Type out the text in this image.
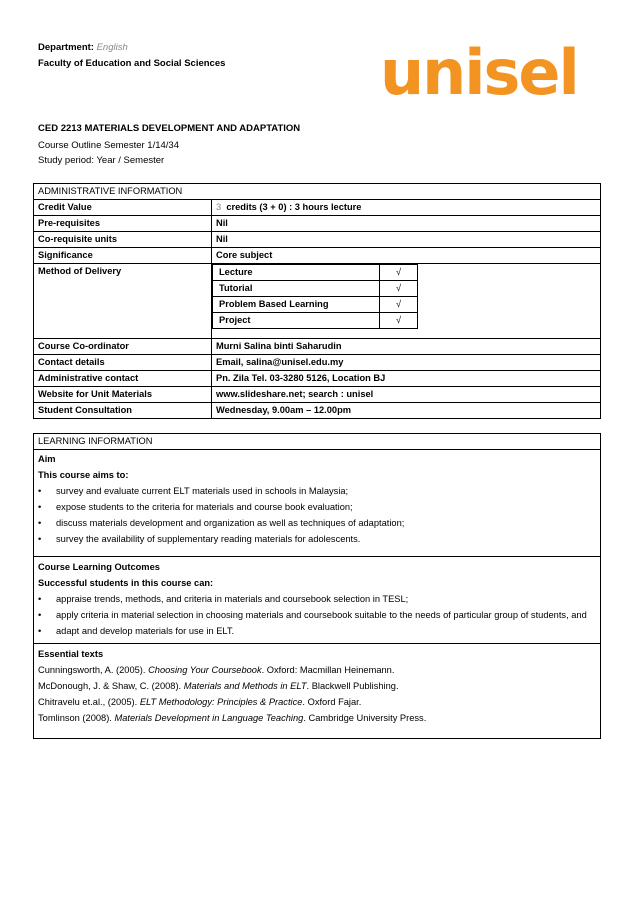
Department: English
Faculty of Education and Social Sciences unisel
CED 2213 MATERIALS DEVELOPMENT AND ADAPTATION
Course Outline Semester 1/14/34
Study period: Year / Semester
ADMINISTRATIVE INFORMATION
Credit Value	3 credits (3 + 0) : 3 hours lecture
Pre-requisites	Nil
Co-requisite units	Nil
Significance	Core subject
Method of Delivery		Lecture	√
Tutorial	√
Problem Based Learning	√
Project	√

Course Co-ordinator	Murni Salina binti Saharudin
Contact details	Email, salina@unisel.edu.my
Administrative contact	Pn. Zila Tel. 03-3280 5126, Location BJ
Website for Unit Materials	www.slideshare.net; search : unisel
Student Consultation	Wednesday, 9.00am – 12.00pm
LEARNING INFORMATION
Aim
This course aims to:
• survey and evaluate current ELT materials used in schools in Malaysia;
• expose students to the criteria for materials and course book evaluation;
• discuss materials development and organization as well as techniques of adaptation;
• survey the availability of supplementary reading materials for adolescents.
Course Learning Outcomes
Successful students in this course can:
• appraise trends, methods, and criteria in materials and coursebook selection in TESL;
• apply criteria in material selection in choosing materials and coursebook suitable to the needs of particular group of students, and
• adapt and develop materials for use in ELT.
Essential texts
Cunningsworth, A. (2005). Choosing Your Coursebook. Oxford: Macmillan Heinemann.
McDonough, J. & Shaw, C. (2008). Materials and Methods in ELT. Blackwell Publishing.
Chitravelu et.al., (2005). ELT Methodology: Principles & Practice. Oxford Fajar.
Tomlinson (2008). Materials Development in Language Teaching. Cambridge University Press.
